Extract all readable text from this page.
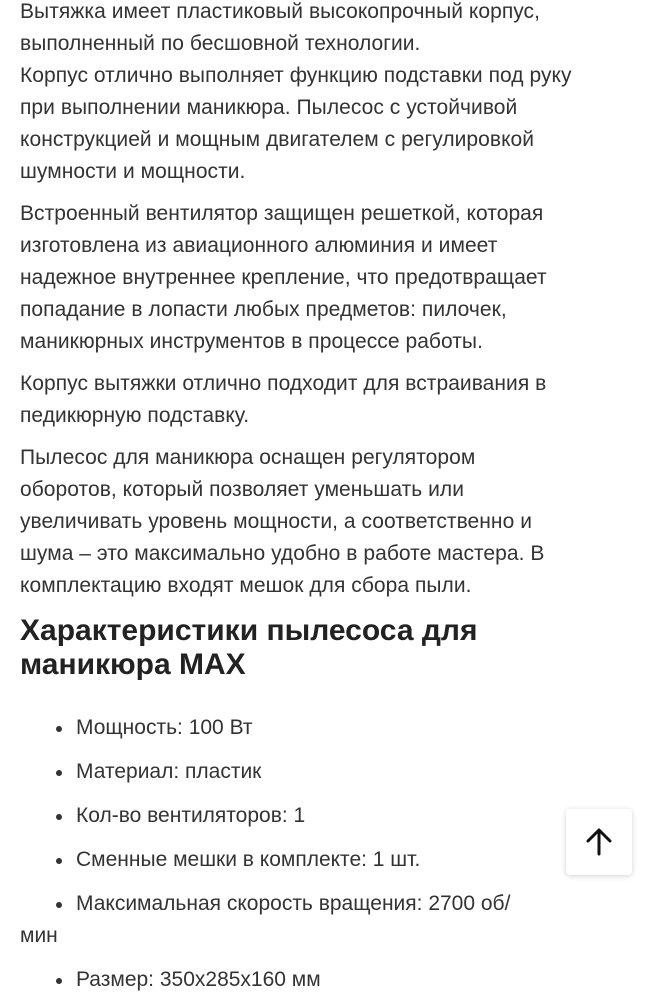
Вытяжка имеет пластиковый высокопрочный корпус,
выполненный по бесшовной технологии.
Корпус отлично выполняет функцию подставки под руку
при выполнении маникюра. Пылесос с устойчивой
конструкцией и мощным двигателем с регулировкой
шумности и мощности.

Встроенный вентилятор защищен решеткой, которая
изготовлена из авиационного алюминия и имеет
надежное внутреннее крепление, что предотвращает
попадание в лопасти любых предметов: пилочек,
маникюрных инструментов в процессе работы.

Корпус вытяжки отлично подходит для встраивания в
педикюрную подставку.

Пылесос для маникюра оснащен регулятором
оборотов, который позволяет уменьшать или
увеличивать уровень мощности, а соответственно и
шума – это максимально удобно в работе мастера. В
комплектацию входят мешок для сбора пыли.

Характеристики пылесоса для
маникюра MAX
Мощность: 100 Вт
Материал: пластик
Кол-во вентиляторов: 1
Сменные мешки в комплекте: 1 шт.
Максимальная скорость вращения: 2700 об/
мин
Размер: 350x285x160 мм
